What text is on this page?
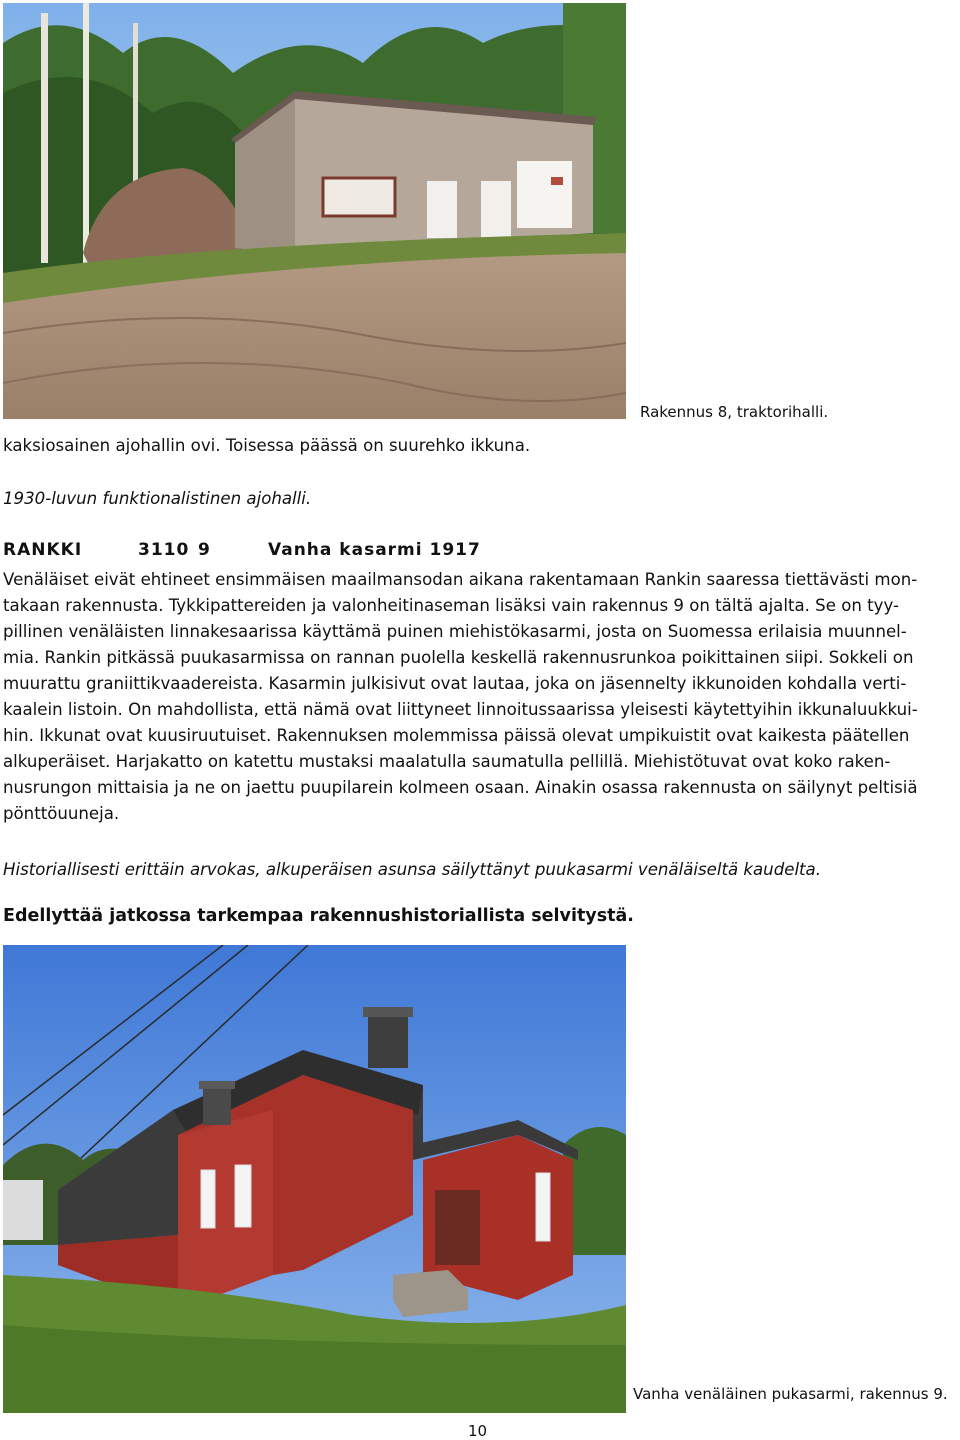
Rakennus 8, traktorihalli.
kaksiosainen ajohallin ovi. Toisessa päässä on suurehko ikkuna.
1930-luvun funktionalistinen ajohalli.
RANKKI	3110 9	Vanha kasarmi 1917
Venäläiset eivät ehtineet ensimmäisen maailmansodan aikana rakentamaan Rankin saaressa tiettävästi mon-
takaan rakennusta. Tykkipattereiden ja valonheitinaseman lisäksi vain rakennus 9 on tältä ajalta. Se on tyy-
pillinen venäläisten linnakesaarissa käyttämä puinen miehistökasarmi, josta on Suomessa erilaisia muunnel-
mia. Rankin pitkässä puukasarmissa on rannan puolella keskellä rakennusrunkoa poikittainen siipi. Sokkeli on
muurattu graniittikvaadereista. Kasarmin julkisivut ovat lautaa, joka on jäsennelty ikkunoiden kohdalla verti-
kaalein listoin. On mahdollista, että nämä ovat liittyneet linnoitussaarissa yleisesti käytettyihin ikkunaluukkui-
hin. Ikkunat ovat kuusiruutuiset. Rakennuksen molemmissa päissä olevat umpikuistit ovat kaikesta päätellen
alkuperäiset. Harjakatto on katettu mustaksi maalatulla saumatulla pellillä. Miehistötuvat ovat koko raken-
nusrungon mittaisia ja ne on jaettu puupilarein kolmeen osaan. Ainakin osassa rakennusta on säilynyt peltisiä
pönttöuuneja.
Historiallisesti erittäin arvokas, alkuperäisen asunsa säilyttänyt puukasarmi venäläiseltä kaudelta.
Edellyttää jatkossa tarkempaa rakennushistoriallista selvitystä.
Vanha venäläinen pukasarmi, rakennus 9.
10
